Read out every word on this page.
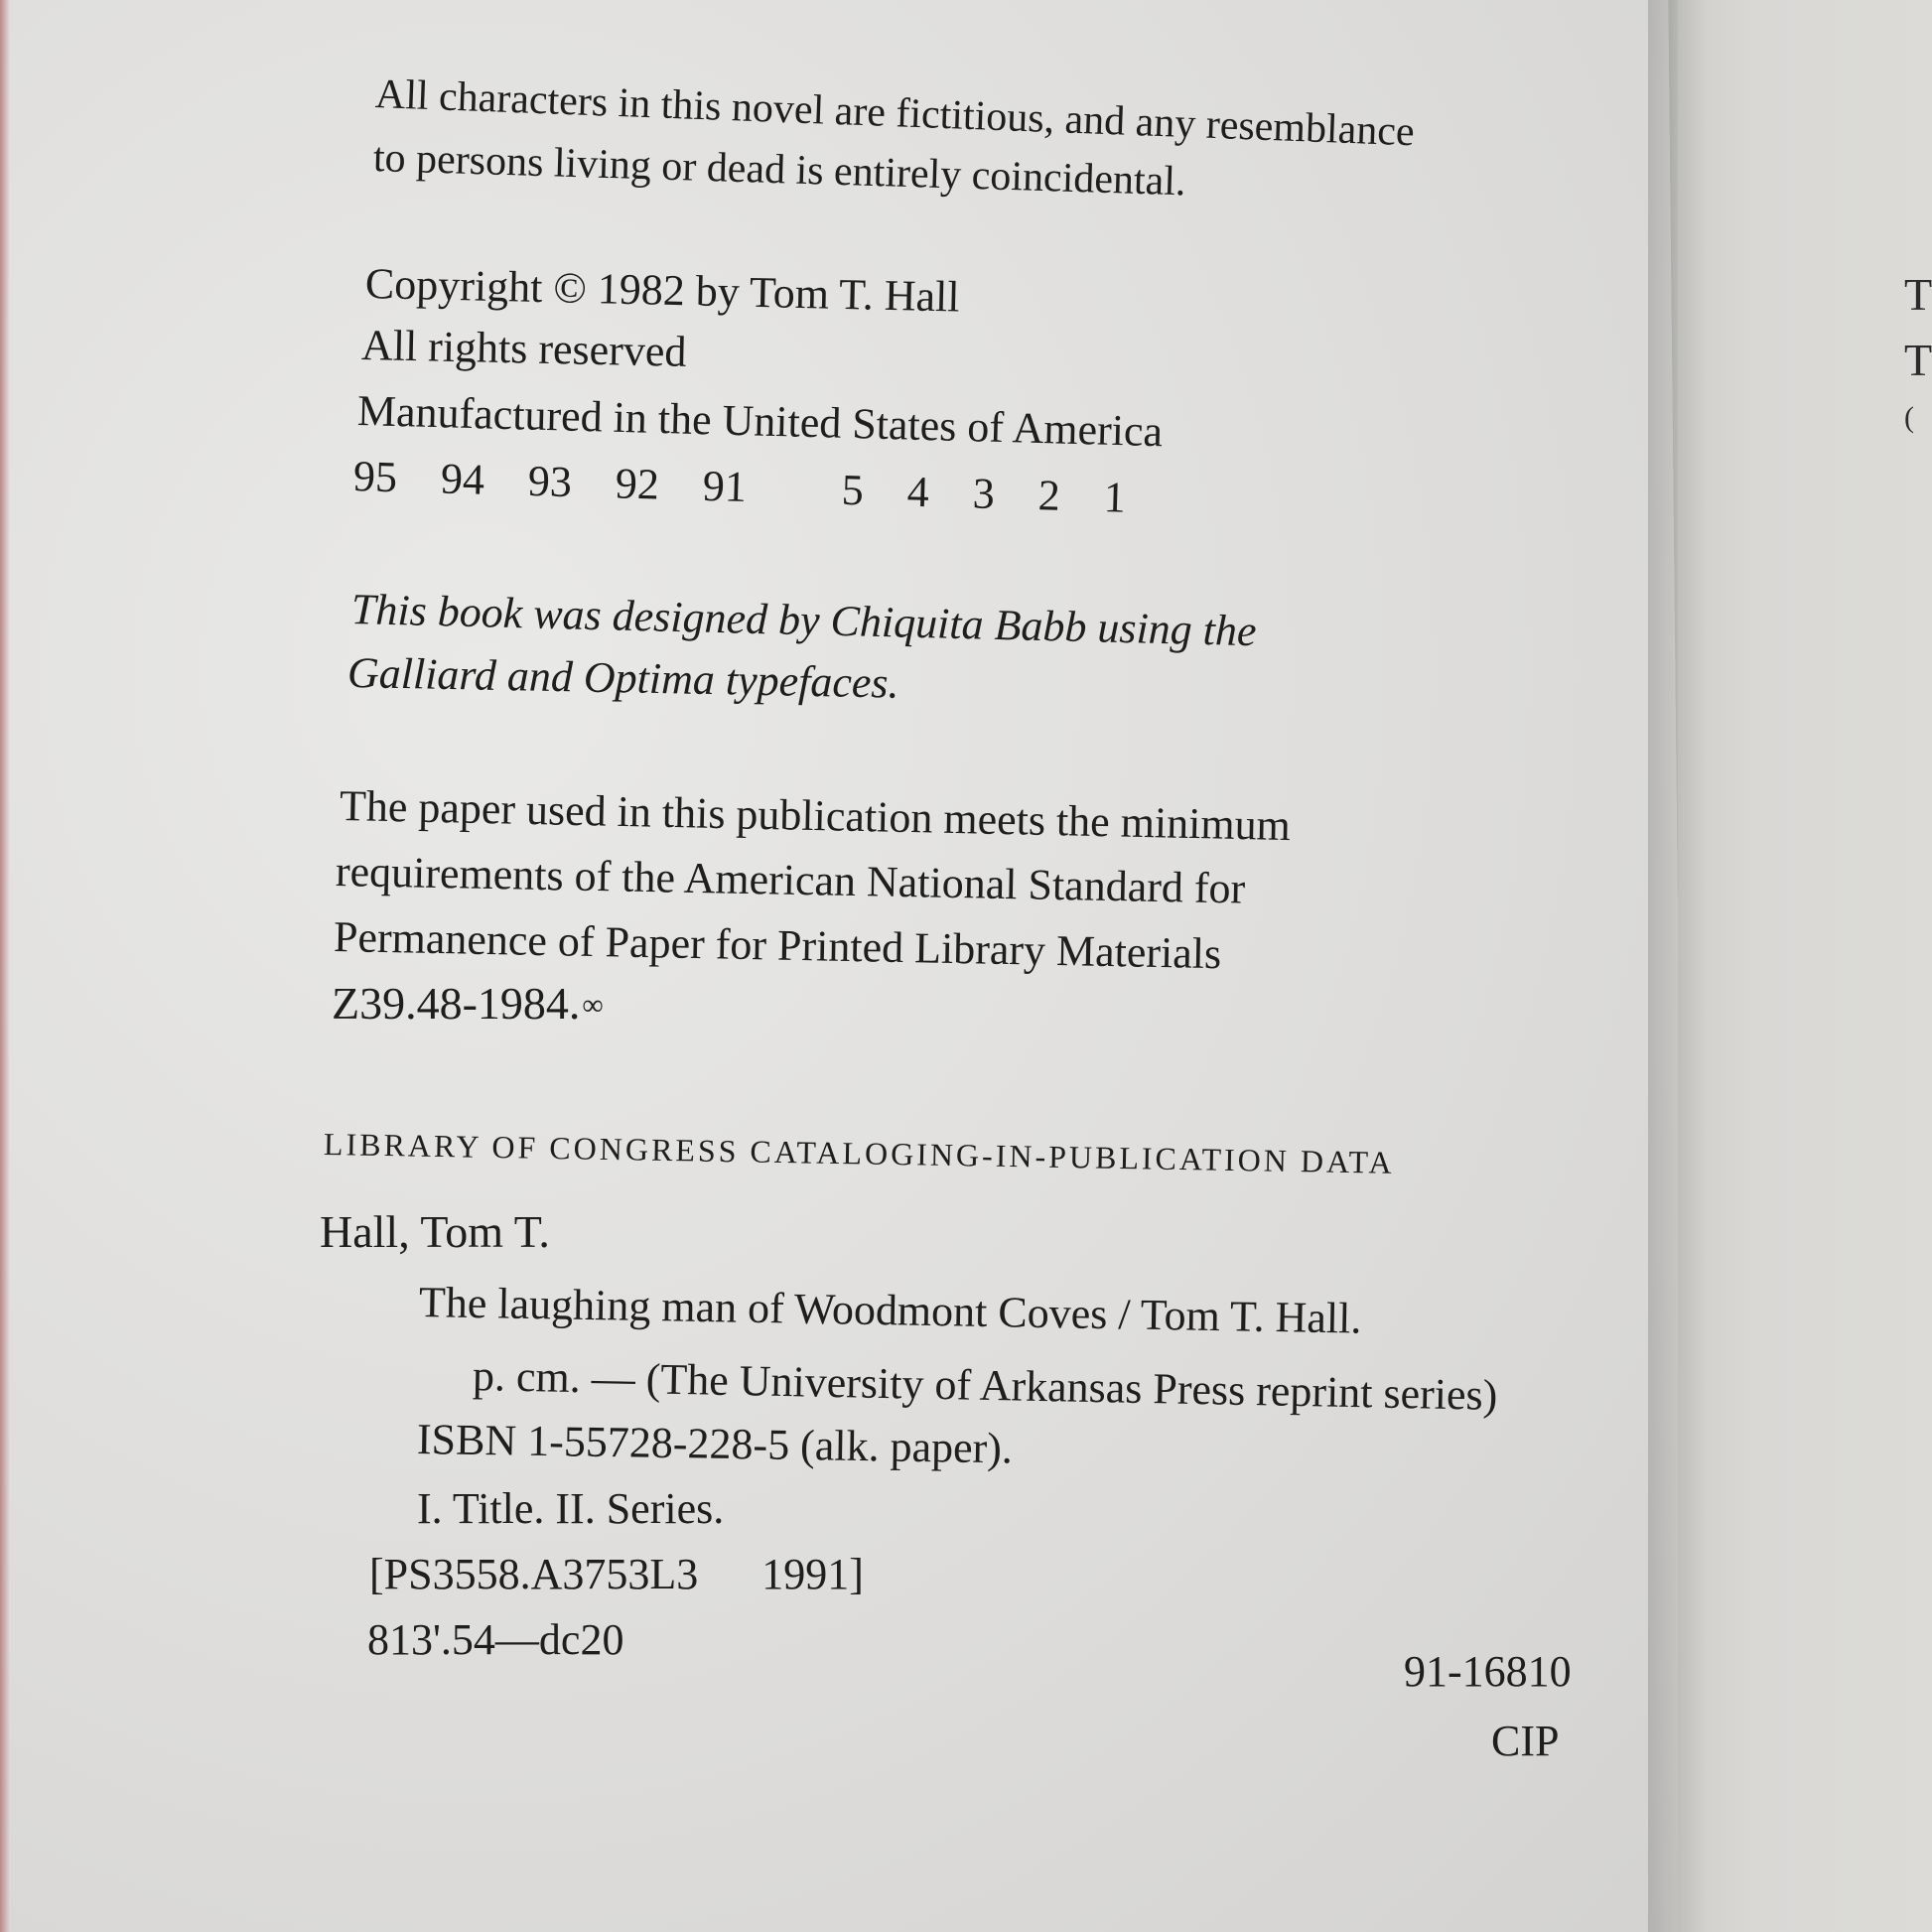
T
T
(
All characters in this novel are fictitious, and any resemblance
to persons living or dead is entirely coincidental.
Copyright © 1982 by Tom T. Hall
All rights reserved
Manufactured in the United States of America
95 94 93 92 91 5 4 3 2 1
This book was designed by Chiquita Babb using the
Galliard and Optima typefaces.
The paper used in this publication meets the minimum
requirements of the American National Standard for
Permanence of Paper for Printed Library Materials
Z39.48-1984.∞
LIBRARY OF CONGRESS CATALOGING-IN-PUBLICATION DATA
Hall, Tom T.
The laughing man of Woodmont Coves / Tom T. Hall.
p. cm. — (The University of Arkansas Press reprint series)
ISBN 1-55728-228-5 (alk. paper).
I. Title. II. Series.
[PS3558.A3753L3 1991]
813'.54—dc20
91-16810
CIP
